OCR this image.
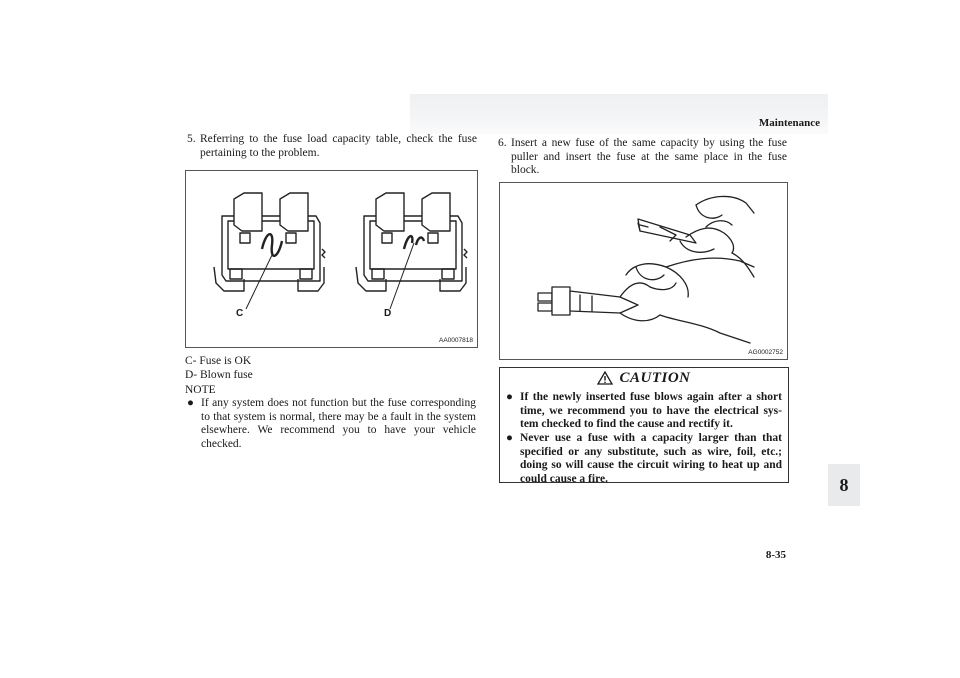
Maintenance
5. Referring to the fuse load capacity table, check the fuse pertaining to the problem.
C	D
AA0007818
C- Fuse is OK
D- Blown fuse
NOTE
● If any system does not function but the fuse corresponding to that system is normal, there may be a fault in the system elsewhere. We recommend you to have your vehicle checked.
6. Insert a new fuse of the same capacity by using the fuse puller and insert the fuse at the same place in the fuse block.
AG0002752
CAUTION
● If the newly inserted fuse blows again after a short time, we recommend you to have the electrical sys-tem checked to find the cause and rectify it.
● Never use a fuse with a capacity larger than that specified or any substitute, such as wire, foil, etc.; doing so will cause the circuit wiring to heat up and could cause a fire.	8
8-35
